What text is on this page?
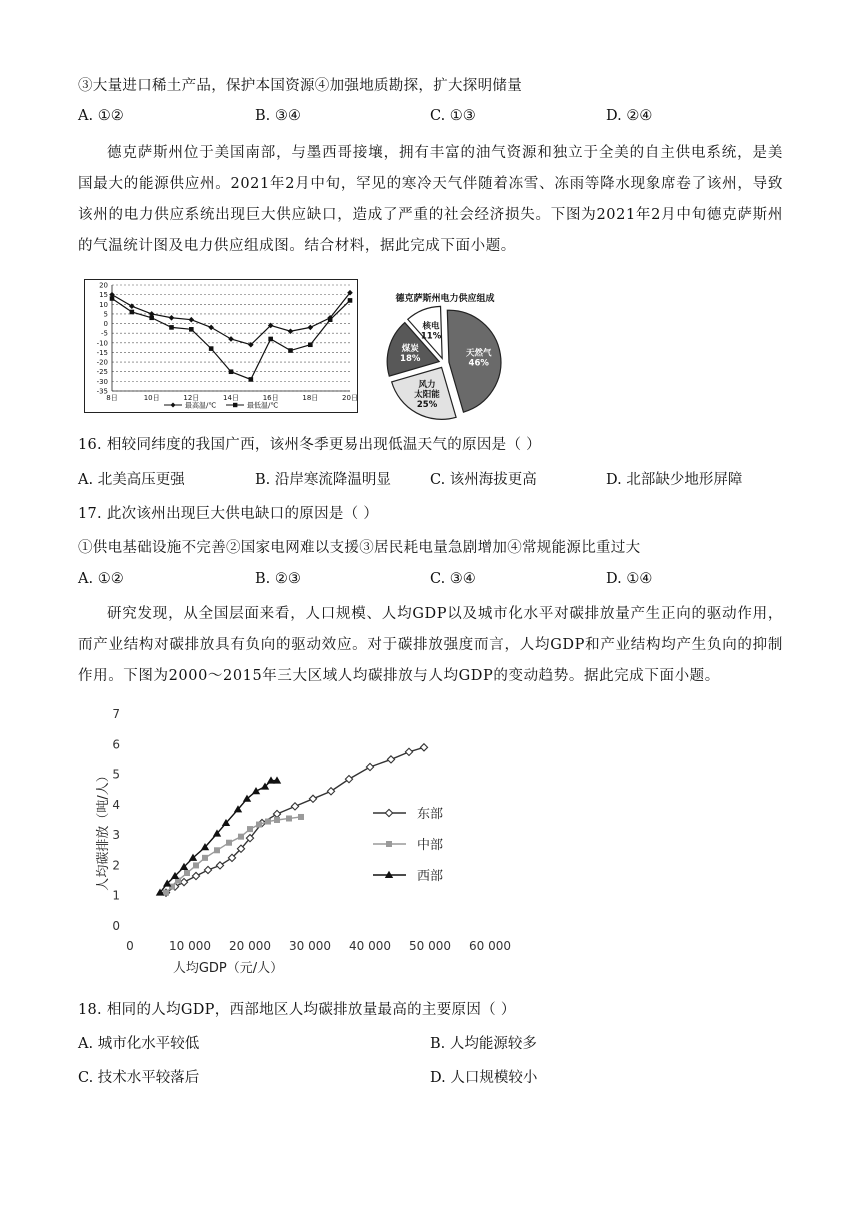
③大量进口稀土产品，保护本国资源④加强地质勘探，扩大探明储量
A. ①②	B. ③④	C. ①③	D. ②④
德克萨斯州位于美国南部，与墨西哥接壤，拥有丰富的油气资源和独立于全美的自主供电系统，是美国最大的能源供应州。2021年2月中旬，罕见的寒冷天气伴随着冻雪、冻雨等降水现象席卷了该州，导致该州的电力供应系统出现巨大供应缺口，造成了严重的社会经济损失。下图为2021年2月中旬德克萨斯州的气温统计图及电力供应组成图。结合材料，据此完成下面小题。
20
15
10
5
0
-5
-10
-15
-20
-25
-30
-35
8日	10日	12日	14日	16日	18日	20日
最高温/℃	最低温/℃
德克萨斯州电力供应组成
天然气
46%
风力
太阳能
25%
煤炭
18%
核电
11%
16. 相较同纬度的我国广西，该州冬季更易出现低温天气的原因是（ ）
A. 北美高压更强	B. 沿岸寒流降温明显	C. 该州海拔更高	D. 北部缺少地形屏障
17. 此次该州出现巨大供电缺口的原因是（ ）
①供电基础设施不完善②国家电网难以支援③居民耗电量急剧增加④常规能源比重过大
A. ①②	B. ②③	C. ③④	D. ①④
研究发现，从全国层面来看，人口规模、人均GDP以及城市化水平对碳排放量产生正向的驱动作用，而产业结构对碳排放具有负向的驱动效应。对于碳排放强度而言，人均GDP和产业结构均产生负向的抑制作用。下图为2000～2015年三大区域人均碳排放与人均GDP的变动趋势。据此完成下面小题。
0
1
2
3
4
5
6
7
0	10 000 20 000 30 000 40 000 50 000 60 000
东部
中部
西部
人均GDP（元/人）
人均碳排放（吨/人）
18. 相同的人均GDP，西部地区人均碳排放量最高的主要原因（ ）
A. 城市化水平较低	B. 人均能源较多
C. 技术水平较落后	D. 人口规模较小
